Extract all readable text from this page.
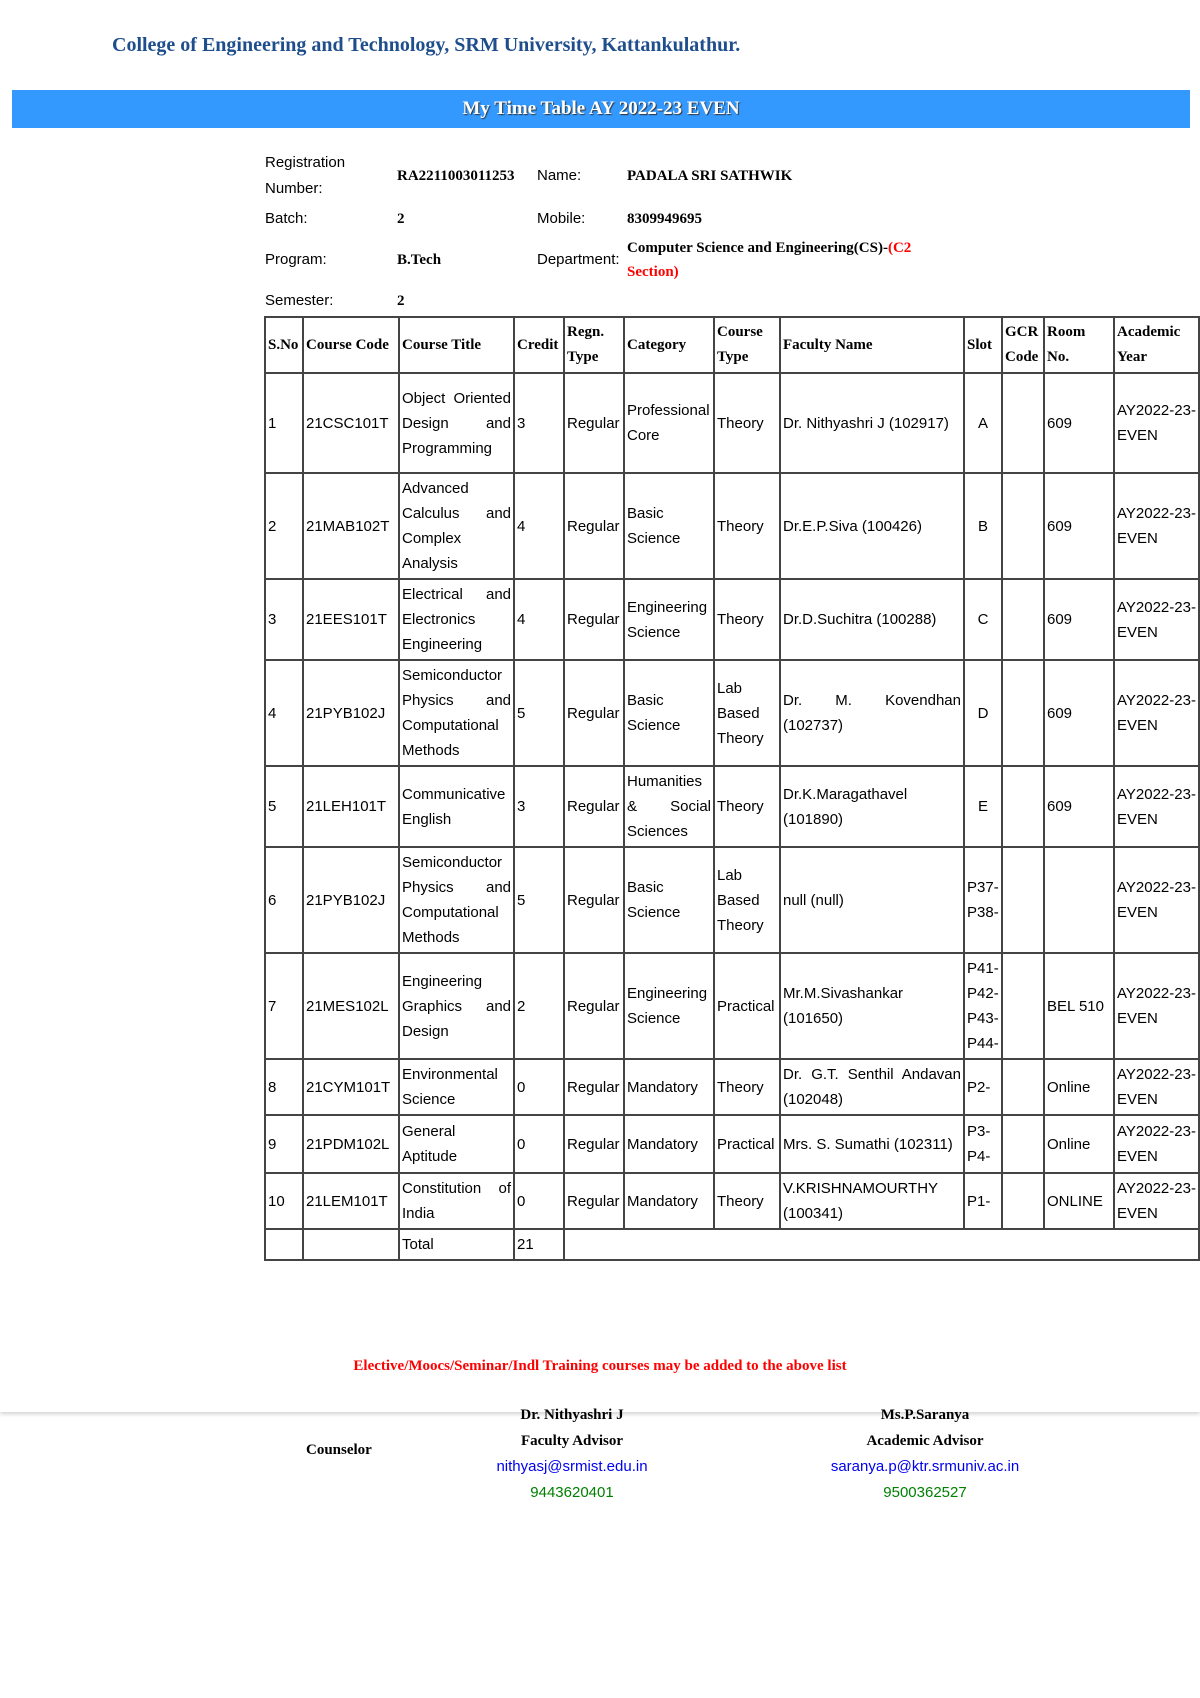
College of Engineering and Technology, SRM University, Kattankulathur.
My Time Table AY 2022-23 EVEN
Registration Number:	RA2211003011253	Name:	PADALA SRI SATHWIK
Batch:	2	Mobile:	8309949695
Program:	B.Tech	Department:	Computer Science and Engineering(CS)-(C2 Section)
Semester:	2		
S.No	Course Code	Course Title	Credit	Regn. Type	Category	Course Type	Faculty Name	Slot	GCR Code	Room No.	Academic Year
1	21CSC101T	Object Oriented Design and Programming	3	Regular	Professional Core	Theory	Dr. Nithyashri J (102917)	A		609	AY2022-23-EVEN
2	21MAB102T	Advanced Calculus and Complex Analysis	4	Regular	Basic Science	Theory	Dr.E.P.Siva (100426)	B		609	AY2022-23-EVEN
3	21EES101T	Electrical and Electronics Engineering	4	Regular	Engineering Science	Theory	Dr.D.Suchitra (100288)	C		609	AY2022-23-EVEN
4	21PYB102J	Semiconductor Physics and Computational Methods	5	Regular	Basic Science	Lab Based Theory	Dr. M. Kovendhan (102737)	D		609	AY2022-23-EVEN
5	21LEH101T	Communicative English	3	Regular	Humanities & Social Sciences	Theory	Dr.K.Maragathavel (101890)	E		609	AY2022-23-EVEN
6	21PYB102J	Semiconductor Physics and Computational Methods	5	Regular	Basic Science	Lab Based Theory	null (null)	P37-P38-			AY2022-23-EVEN
7	21MES102L	Engineering Graphics and Design	2	Regular	Engineering Science	Practical	Mr.M.Sivashankar (101650)	P41-P42-P43-P44-		BEL 510	AY2022-23-EVEN
8	21CYM101T	Environmental Science	0	Regular	Mandatory	Theory	Dr. G.T. Senthil Andavan (102048)	P2-		Online	AY2022-23-EVEN
9	21PDM102L	General Aptitude	0	Regular	Mandatory	Practical	Mrs. S. Sumathi (102311)	P3-P4-		Online	AY2022-23-EVEN
10	21LEM101T	Constitution of India	0	Regular	Mandatory	Theory	V.KRISHNAMOURTHY (100341)	P1-		ONLINE	AY2022-23-EVEN
		Total	21								
Elective/Moocs/Seminar/Indl Training courses may be added to the above list
Counselor
Dr. Nithyashri J
Faculty Advisor
nithyasj@srmist.edu.in
9443620401
Ms.P.Saranya
Academic Advisor
saranya.p@ktr.srmuniv.ac.in
9500362527
